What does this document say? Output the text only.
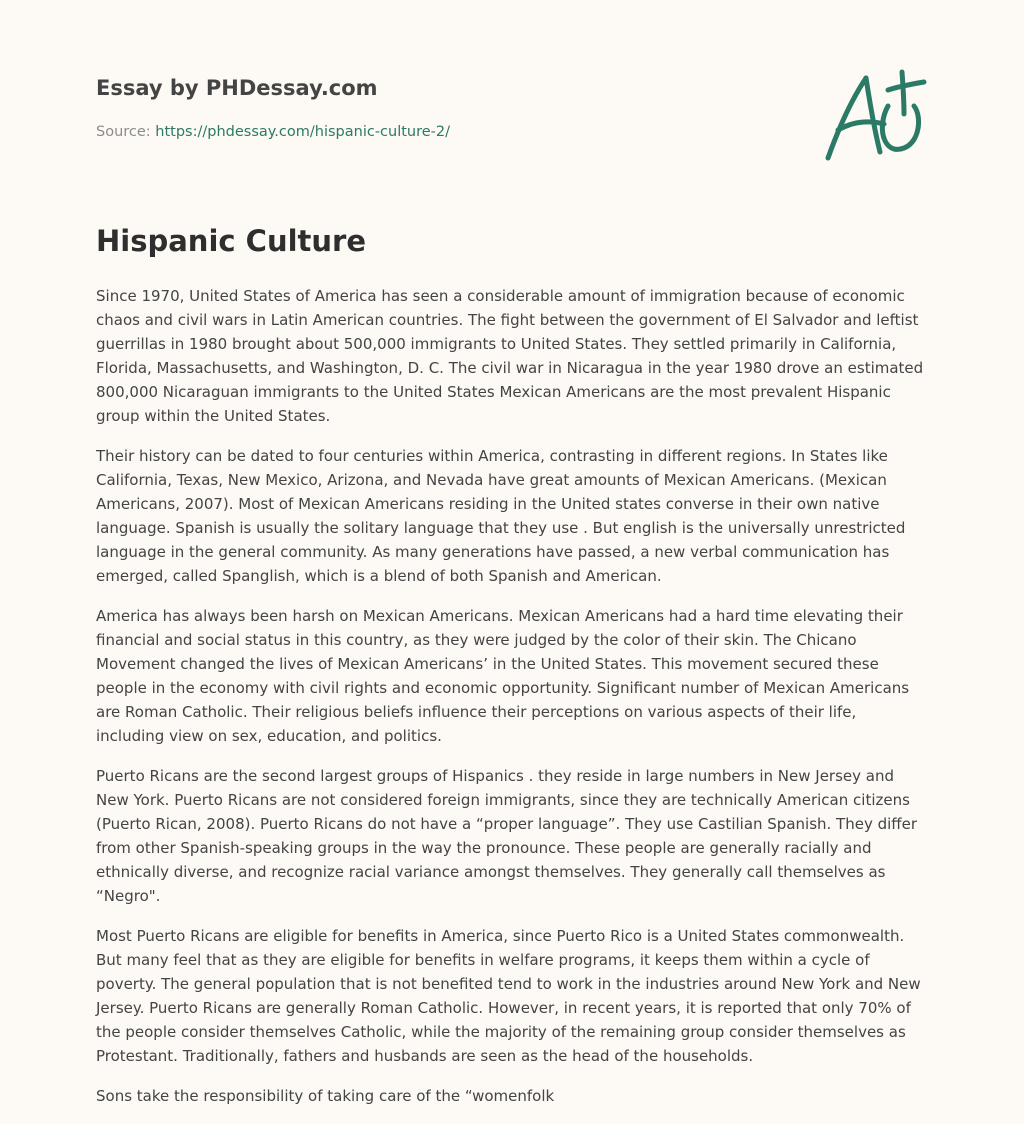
Essay by PHDessay.com
Source: https://phdessay.com/hispanic-culture-2/
Hispanic Culture

Since 1970, United States of America has seen a considerable amount of immigration because of economic chaos and civil wars in Latin American countries. The fight between the government of El Salvador and leftist guerrillas in 1980 brought about 500,000 immigrants to United States. They settled primarily in California, Florida, Massachusetts, and Washington, D. C. The civil war in Nicaragua in the year 1980 drove an estimated 800,000 Nicaraguan immigrants to the United States Mexican Americans are the most prevalent Hispanic group within the United States.

Their history can be dated to four centuries within America, contrasting in different regions. In States like California, Texas, New Mexico, Arizona, and Nevada have great amounts of Mexican Americans. (Mexican Americans, 2007). Most of Mexican Americans residing in the United states converse in their own native language. Spanish is usually the solitary language that they use . But english is the universally unrestricted language in the general community. As many generations have passed, a new verbal communication has emerged, called Spanglish, which is a blend of both Spanish and American.

America has always been harsh on Mexican Americans. Mexican Americans had a hard time elevating their financial and social status in this country, as they were judged by the color of their skin. The Chicano Movement changed the lives of Mexican Americans’ in the United States. This movement secured these people in the economy with civil rights and economic opportunity. Significant number of Mexican Americans are Roman Catholic. Their religious beliefs influence their perceptions on various aspects of their life, including view on sex, education, and politics.

Puerto Ricans are the second largest groups of Hispanics . they reside in large numbers in New Jersey and New York. Puerto Ricans are not considered foreign immigrants, since they are technically American citizens (Puerto Rican, 2008). Puerto Ricans do not have a “proper language”. They use Castilian Spanish. They differ from other Spanish-speaking groups in the way the pronounce. These people are generally racially and ethnically diverse, and recognize racial variance amongst themselves. They generally call themselves as “Negro".

Most Puerto Ricans are eligible for benefits in America, since Puerto Rico is a United States commonwealth. But many feel that as they are eligible for benefits in welfare programs, it keeps them within a cycle of poverty. The general population that is not benefited tend to work in the industries around New York and New Jersey. Puerto Ricans are generally Roman Catholic. However, in recent years, it is reported that only 70% of the people consider themselves Catholic, while the majority of the remaining group consider themselves as Protestant. Traditionally, fathers and husbands are seen as the head of the households.

Sons take the responsibility of taking care of the “womenfolk
